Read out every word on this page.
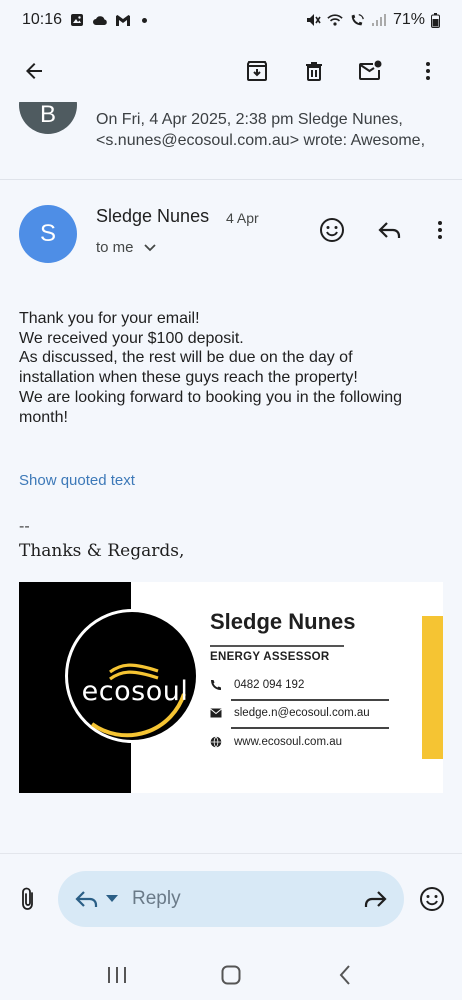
10:16	71%
B	On Fri, 4 Apr 2025, 2:38 pm Sledge Nunes,
<s.nunes@ecosoul.com.au> wrote: Awesome,
S
Sledge Nunes 4 Apr
to me

Thank you for your email!

We received your $100 deposit.

As discussed, the rest will be due on the day of

installation when these guys reach the property!

We are looking forward to booking you in the following

month!

Show quoted text
--
Thanks & Regards,
ecosoul
Sledge Nunes
ENERGY ASSESSOR
0482 094 192
sledge.n@ecosoul.com.au
www.ecosoul.com.au
Reply
